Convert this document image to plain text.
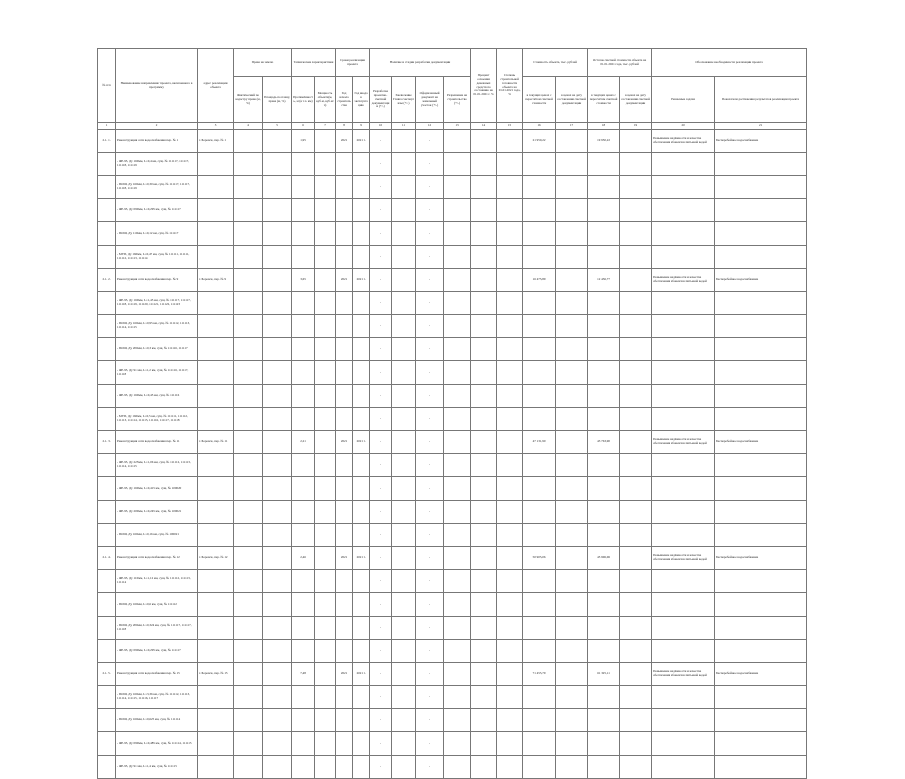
№ п/п	Наименование направления/ проекта, включенного в программу	адрес реализации объекта	Права на землю		Технические характеристики		Сроки реализации проекта		Наличие и стадии разработки документации				Процент освоения денежных средств по состоянию на 01.01.2021 г. %	Степень строительной готовности объекта на 01.01.2021 года, %	Стоимость объекта, тыс. рублей		Остаток сметной стоимости объекта на 01.01.2021 года, тыс. рублей		Обоснование необходимости реализации проекта	
			Фактический по кадастру права (м, %)	Площадь по плану, права (м, %)	Протяжённость, м (в т.ч. км)	Мощность объекта(м, куб.м, куб.м/ч)	Год начала строительства	Год ввода в эксплуатацию	Разработка проектно-сметной документации (+/-)	Заключение Главгосэкспертизы (+/-)	Оформленный документ на земельный участок (+/-)	Разрешение на строительство (+/-)			в текущих ценах с пересчётом сметной стоимости	в ценах на дату составления сметной документации	в текущих ценах с пересчётом сметной стоимости	в ценах на дату составления сметной документации	Решаемые задачи	Показатели достижения результатов реализации проекта
1	2	3	4	5	6	7	8	9	10	11	12	13	14	15	16	17	18	19	20	21
2.1. 1.	Реконструкция сети водоснабжения пер. № 1	г. Боровск, пер. № 1			1,95		2021	2021 г.	-		-				21 950,22		19 950,22		Повышение надёжности и качества обеспечения абонентов питьевой водой	Бесперебойное водоснабжение
	- ФР-95, Ду 160мм, L=0,4 км, сущ. № 111117, 111117, 111118, 111119								-		-									
	- ПОШ, Ду 160мм, L=0,30 км, сущ. № 111117, 111117, 111118, 111119								-		-									
	- ФР-95, Ду 090мм, L=0,295 км, сущ. № 111117								-		-									
	- ПОШ, Ду 110мм, L=0,12 км, сущ. № 111117								-		-									
	- МУП, Ду 160мм, L=0,47 км, сущ. № 111111, 111111, 111112, 111113, 111114								-		-									
2.1. 2.	Реконструкция сети водоснабжения пер. № 9	г. Боровск, пер. № 9			3,65		2021	2021 г.	-		-				16 475,89		12 436,77		Повышение надёжности и качества обеспечения абонентов питьевой водой	Бесперебойное водоснабжение
	- ФР-95, Ду 160мм, L=1,45 км, сущ. № 111117, 111117, 111118, 111119, 111120, 111121, 111122, 111123								-		-									
	- ПОШ, Ду 160мм, L=0,95 км, сущ. № 111112, 111113, 111114, 111115								-		-									
	- ПОШ, Ду 200мм, L=0,3 км, сущ. № 111116, 111117								-		-									
	- ФР-95, Ду 91 мм, L=1,2 км, сущ. № 111116, 111117, 111118								-		-									
	- ФР-95, Ду 160мм, L=0,45 км, сущ. № 111116								-		-									
	- МУП, Ду 160мм, L=0,5 км, сущ. № 111111, 111112, 111113, 111114, 111115, 111116, 111117, 111118								-		-									
2.1. 3.	Реконструкция сети водоснабжения пер. № 11	г. Боровск, пер. № 11			2,21		2021	2021 г.	-		-				47 131,90		43 763,90		Повышение надёжности и качества обеспечения абонентов питьевой водой	Бесперебойное водоснабжение
	- ФР-95, Ду 225мм, L=1,06 км, сущ. № 111112, 111113, 111114, 111115								-		-									
	- ФР-95, Ду 160мм, L=0,415 км, сущ. № 100020								-		-									
	- ФР-95, Ду 200мм, L=0,245 км, сущ. № 100021								-		-									
	- ПОШ, Ду 160мм, L=0,16 км, сущ. № 100021								-		-									
2.1. 4.	Реконструкция сети водоснабжения пер. № 12	г. Боровск, пер. № 12			2,46		2021	2021 г.	-		-				50 905,06		45 906,06		Повышение надёжности и качества обеспечения абонентов питьевой водой	Бесперебойное водоснабжение
	- ФР-95, Ду 110мм, L=1,12 км, сущ. № 111112, 111113, 111114								-		-									
	- ПОШ, Ду 160мм, L=0,6 км, сущ. № 111112								-		-									
	- ПОШ, Ду 200мм, L=0,324 км, сущ. № 111117, 111117, 111118								-		-									
	- ФР-95, Ду 090мм, L=0,295 км, сущ. № 111117								-		-									
2.1. 5.	Реконструкция сети водоснабжения пер. № 15	г. Боровск, пер. № 15			7,48		2021	2021 г.	-		-				71 455,79		61 325,11		Повышение надёжности и качества обеспечения абонентов питьевой водой	Бесперебойное водоснабжение
	- ПОШ, Ду 160мм, L=3,36 км, сущ. № 111112, 111113, 111114, 111115, 111116, 111117								-		-									
	- ПОШ, Ду 160мм, L=0,625 км, сущ. № 111114								-		-									
	- ФР-95, Ду 090мм, L=0,485 км, сущ. № 111114, 111115								-		-									
	- ФР-95, Ду 91 мм, L=1,4 км, сущ. № 111115								-		-									
